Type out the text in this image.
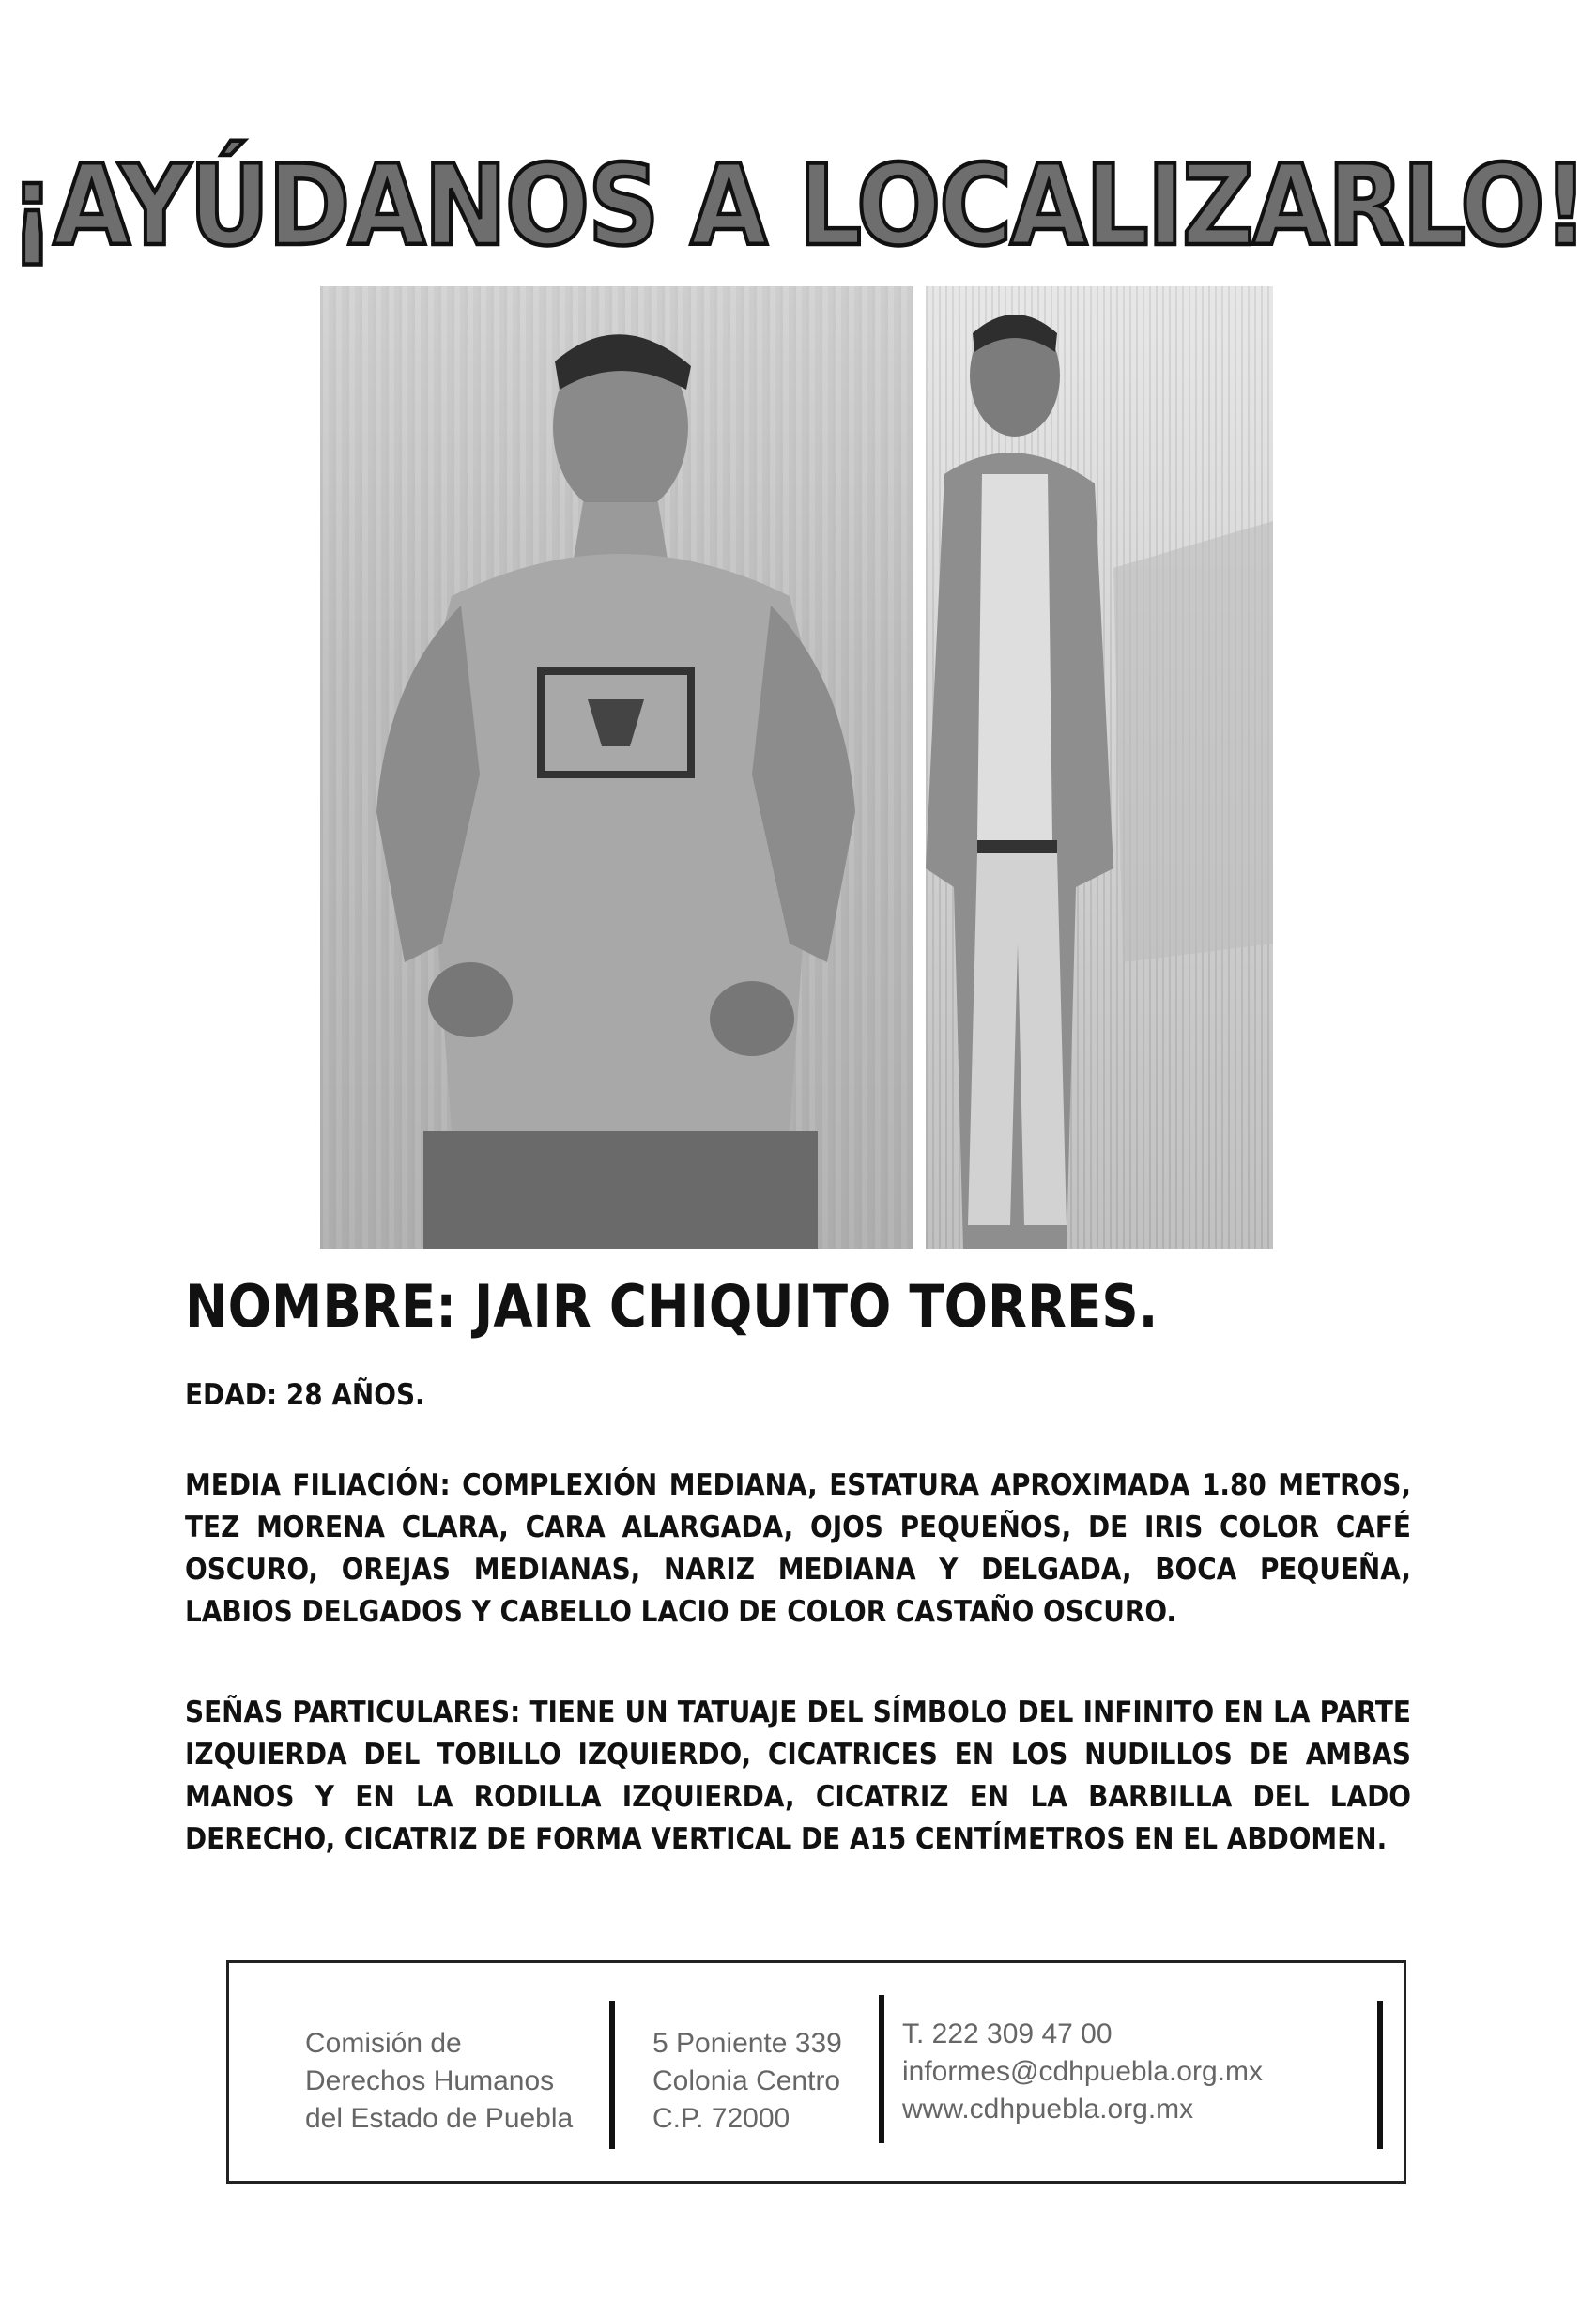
¡AYÚDANOS A LOCALIZARLO!
NOMBRE: JAIR CHIQUITO TORRES.
EDAD: 28 AÑOS.
MEDIA FILIACIÓN: COMPLEXIÓN MEDIANA, ESTATURA APROXIMADA 1.80 METROS, TEZ MORENA CLARA, CARA ALARGADA, OJOS PEQUEÑOS, DE IRIS COLOR CAFÉ OSCURO, OREJAS MEDIANAS, NARIZ MEDIANA Y DELGADA, BOCA PEQUEÑA, LABIOS DELGADOS Y CABELLO LACIO DE COLOR CASTAÑO OSCURO.
SEÑAS PARTICULARES: TIENE UN TATUAJE DEL SÍMBOLO DEL INFINITO EN LA PARTE IZQUIERDA DEL TOBILLO IZQUIERDO, CICATRICES EN LOS NUDILLOS DE AMBAS MANOS Y EN LA RODILLA IZQUIERDA, CICATRIZ EN LA BARBILLA DEL LADO DERECHO, CICATRIZ DE FORMA VERTICAL DE A15 CENTÍMETROS EN EL ABDOMEN.
Comisión de
Derechos Humanos
del Estado de Puebla
5 Poniente 339
Colonia Centro
C.P. 72000
T. 222 309 47 00
informes@cdhpuebla.org.mx
www.cdhpuebla.org.mx
